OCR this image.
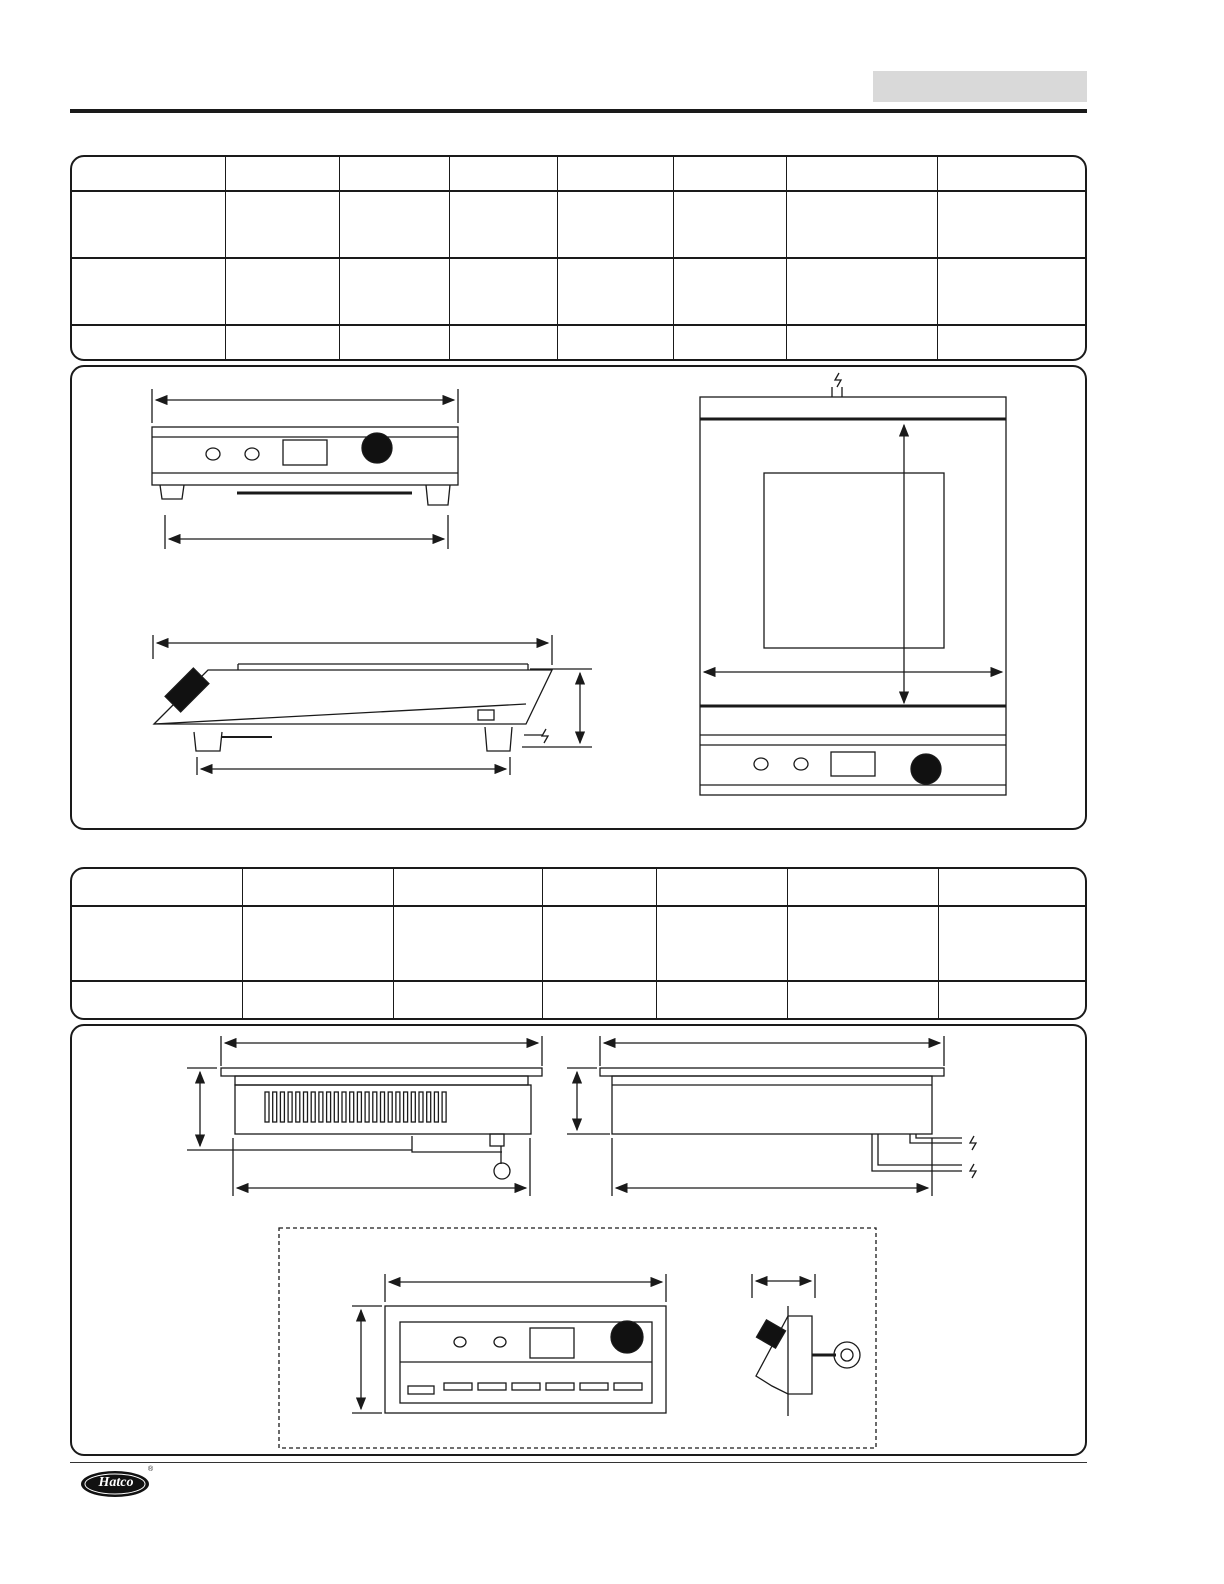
Hatco
®
